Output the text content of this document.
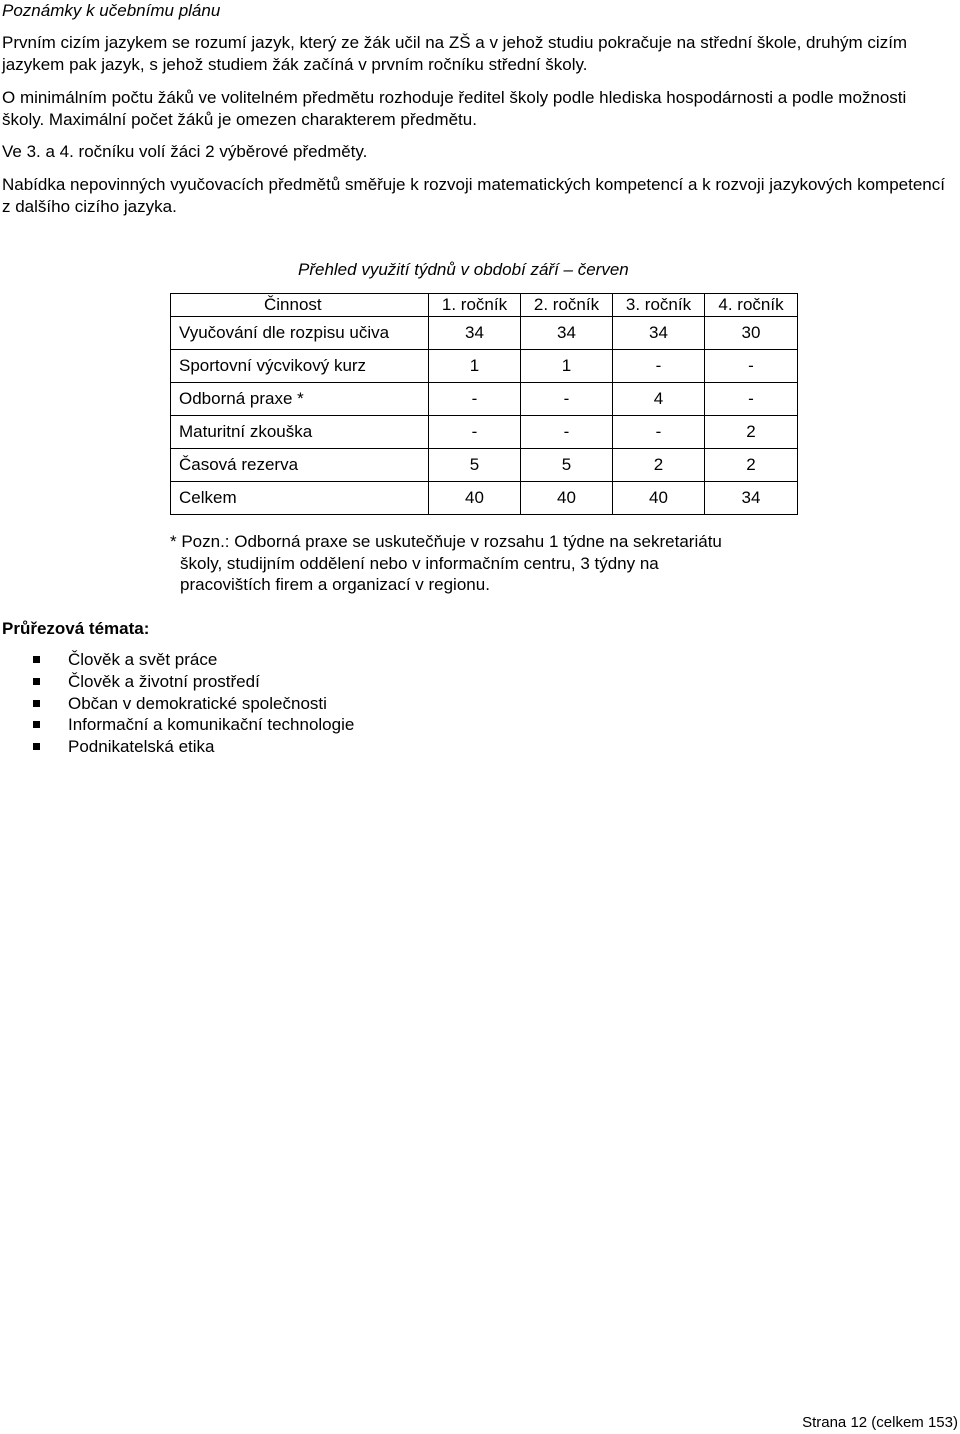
Poznámky k učebnímu plánu
Prvním cizím jazykem se rozumí jazyk, který ze žák učil na ZŠ a v jehož studiu pokračuje na střední škole, druhým cizím jazykem pak jazyk, s jehož studiem žák začíná v prvním ročníku střední školy.
O minimálním počtu žáků ve volitelném předmětu rozhoduje ředitel školy podle hlediska hospodárnosti a podle možnosti školy. Maximální počet žáků je omezen charakterem předmětu.
Ve 3. a 4. ročníku volí žáci 2 výběrové předměty.
Nabídka nepovinných vyučovacích předmětů směřuje k rozvoji matematických kompetencí a k rozvoji jazykových kompetencí z dalšího cizího jazyka.
Přehled využití týdnů v období září – červen
Činnost	1. ročník	2. ročník	3. ročník	4. ročník
Vyučování dle rozpisu učiva	34	34	34	30
Sportovní výcvikový kurz	1	1	-	-
Odborná praxe *	-	-	4	-
Maturitní zkouška	-	-	-	2
Časová rezerva	5	5	2	2
Celkem	40	40	40	34
* Pozn.: Odborná praxe se uskutečňuje v rozsahu 1 týdne na sekretariátu
školy, studijním oddělení nebo v informačním centru, 3 týdny na
pracovištích firem a organizací v regionu.
Průřezová témata:
Člověk a svět práce
Člověk a životní prostředí
Občan v demokratické společnosti
Informační a komunikační technologie
Podnikatelská etika
Strana 12 (celkem 153)
